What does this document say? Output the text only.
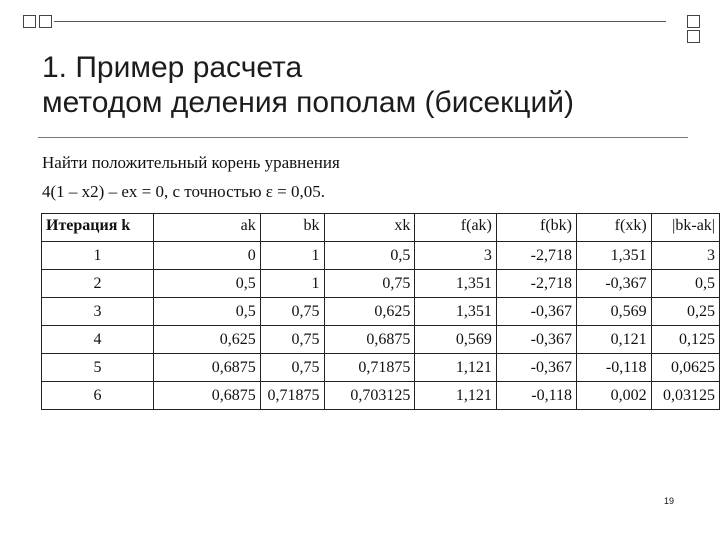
1. Пример расчета
методом деления пополам (бисекций)
Найти положительный корень уравнения
4(1 – x2) – ex = 0, с точностью ε = 0,05.
Итерация k	ak	bk	xk	f(ak)	f(bk)	f(xk)	|bk-ak|
1	0	1	0,5	3	-2,718	1,351	3
2	0,5	1	0,75	1,351	-2,718	-0,367	0,5
3	0,5	0,75	0,625	1,351	-0,367	0,569	0,25
4	0,625	0,75	0,6875	0,569	-0,367	0,121	0,125
5	0,6875	0,75	0,71875	1,121	-0,367	-0,118	0,0625
6	0,6875	0,71875	0,703125	1,121	-0,118	0,002	0,03125
19
